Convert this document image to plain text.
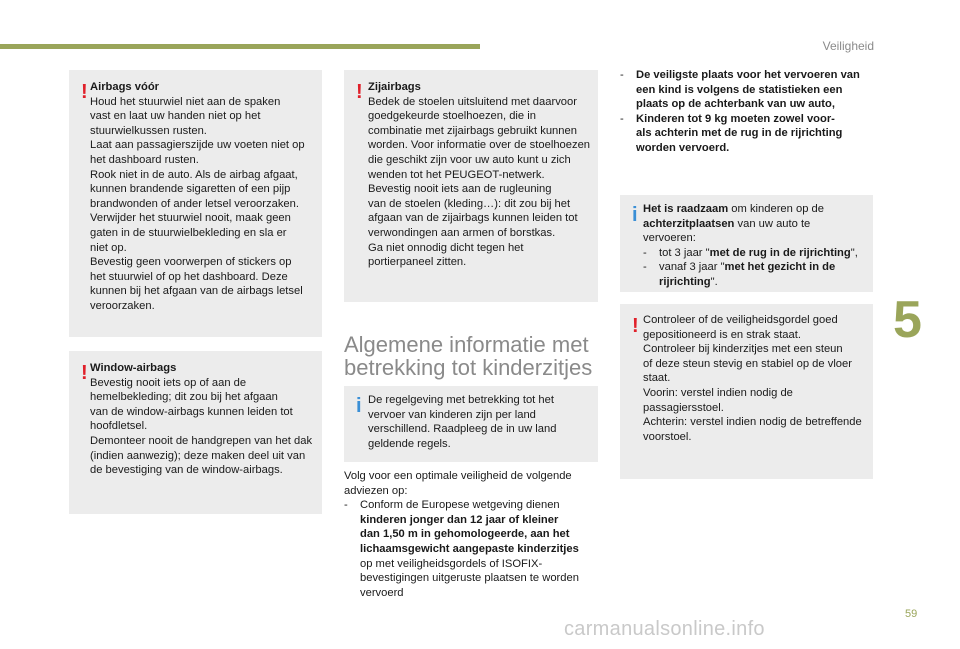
Veiligheid
! Airbags vóór

Houd het stuurwiel niet aan de spaken

vast en laat uw handen niet op het

stuurwielkussen rusten.

Laat aan passagierszijde uw voeten niet op

het dashboard rusten.

Rook niet in de auto. Als de airbag afgaat,

kunnen brandende sigaretten of een pijp

brandwonden of ander letsel veroorzaken.

Verwijder het stuurwiel nooit, maak geen

gaten in de stuurwielbekleding en sla er

niet op.

Bevestig geen voorwerpen of stickers op

het stuurwiel of op het dashboard. Deze

kunnen bij het afgaan van de airbags letsel

veroorzaken.

! Window-airbags

Bevestig nooit iets op of aan de

hemelbekleding; dit zou bij het afgaan

van de window-airbags kunnen leiden tot

hoofdletsel.

Demonteer nooit de handgrepen van het dak

(indien aanwezig); deze maken deel uit van

de bevestiging van de window-airbags.

! Zijairbags

Bedek de stoelen uitsluitend met daarvoor

goedgekeurde stoelhoezen, die in

combinatie met zijairbags gebruikt kunnen

worden. Voor informatie over de stoelhoezen

die geschikt zijn voor uw auto kunt u zich

wenden tot het PEUGEOT-netwerk.

Bevestig nooit iets aan de rugleuning

van de stoelen (kleding…): dit zou bij het

afgaan van de zijairbags kunnen leiden tot

verwondingen aan armen of borstkas.

Ga niet onnodig dicht tegen het

portierpaneel zitten.

Algemene informatie met
betrekking tot kinderzitjes
i De regelgeving met betrekking tot het

vervoer van kinderen zijn per land

verschillend. Raadpleeg de in uw land

geldende regels.

Volg voor een optimale veiligheid de volgende

adviezen op:

- Conform de Europese wetgeving dienen
kinderen jonger dan 12 jaar of kleiner
dan 1,50 m in gehomologeerde, aan het
lichaamsgewicht aangepaste kinderzitjes
op met veiligheidsgordels of ISOFIX-
bevestigingen uitgeruste plaatsen te worden
vervoerd
- De veiligste plaats voor het vervoeren van
een kind is volgens de statistieken een
plaats op de achterbank van uw auto,
- Kinderen tot 9 kg moeten zowel voor-
als achterin met de rug in de rijrichting
worden vervoerd.
i Het is raadzaam om kinderen op de

achterzitplaatsen van uw auto te

vervoeren:

- tot 3 jaar "met de rug in de rijrichting",
- vanaf 3 jaar "met het gezicht in de
rijrichting".
! Controleer of de veiligheidsgordel goed

gepositioneerd is en strak staat.

Controleer bij kinderzitjes met een steun

of deze steun stevig en stabiel op de vloer

staat.

Voorin: verstel indien nodig de

passagiersstoel.

Achterin: verstel indien nodig de betreffende

voorstoel.

5
59
carmanualsonline.info
